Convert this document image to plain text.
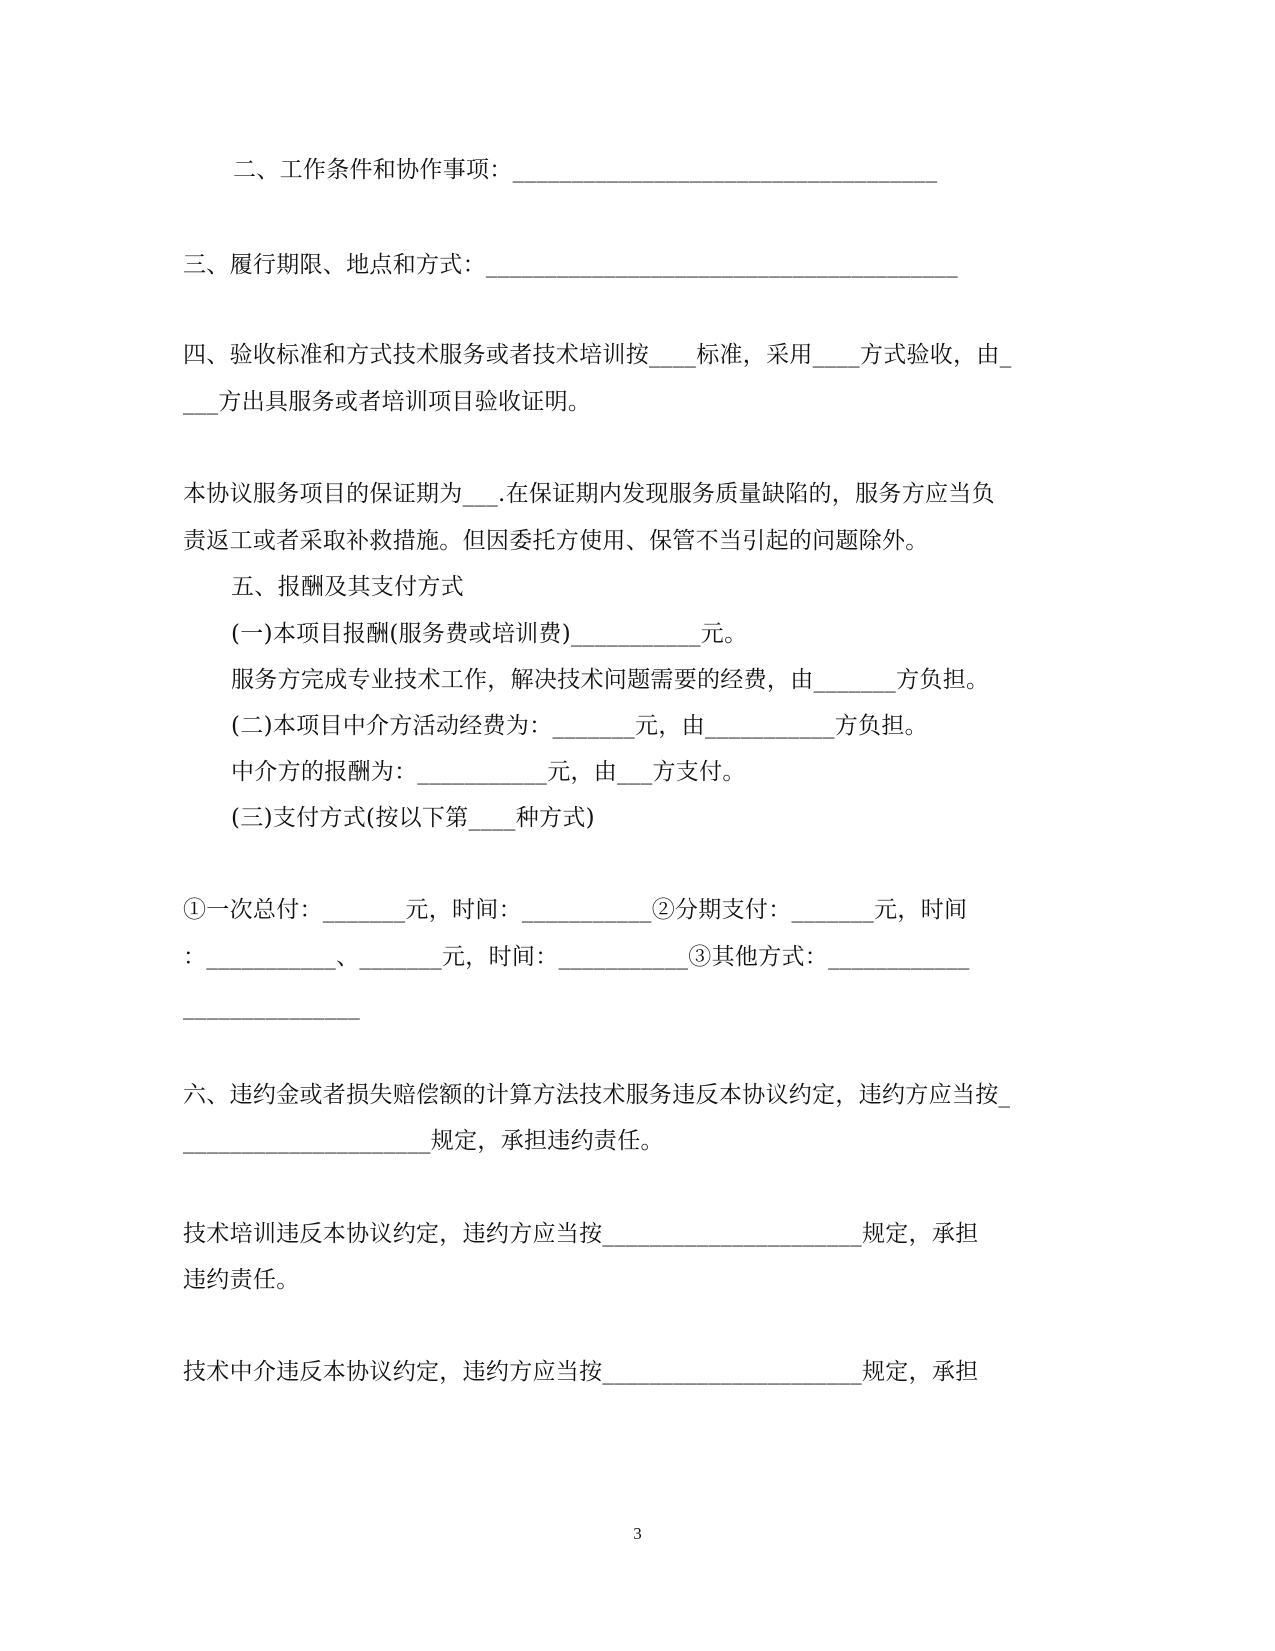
二、工作条件和协作事项：____________________________________
三、履行期限、地点和方式：________________________________________
四、验收标准和方式技术服务或者技术培训按____标准，采用____方式验收，由_
___方出具服务或者培训项目验收证明。
本协议服务项目的保证期为___.在保证期内发现服务质量缺陷的，服务方应当负
责返工或者采取补救措施。但因委托方使用、保管不当引起的问题除外。
五、报酬及其支付方式
(一)本项目报酬(服务费或培训费)___________元。
服务方完成专业技术工作，解决技术问题需要的经费，由_______方负担。
(二)本项目中介方活动经费为：_______元，由___________方负担。
中介方的报酬为：___________元，由___方支付。
(三)支付方式(按以下第____种方式)
①一次总付：_______元，时间：___________②分期支付：_______元，时间
：___________、_______元，时间：___________③其他方式：____________
_______________
六、违约金或者损失赔偿额的计算方法技术服务违反本协议约定，违约方应当按_
_____________________规定，承担违约责任。
技术培训违反本协议约定，违约方应当按______________________规定，承担
违约责任。
技术中介违反本协议约定，违约方应当按______________________规定，承担
3
